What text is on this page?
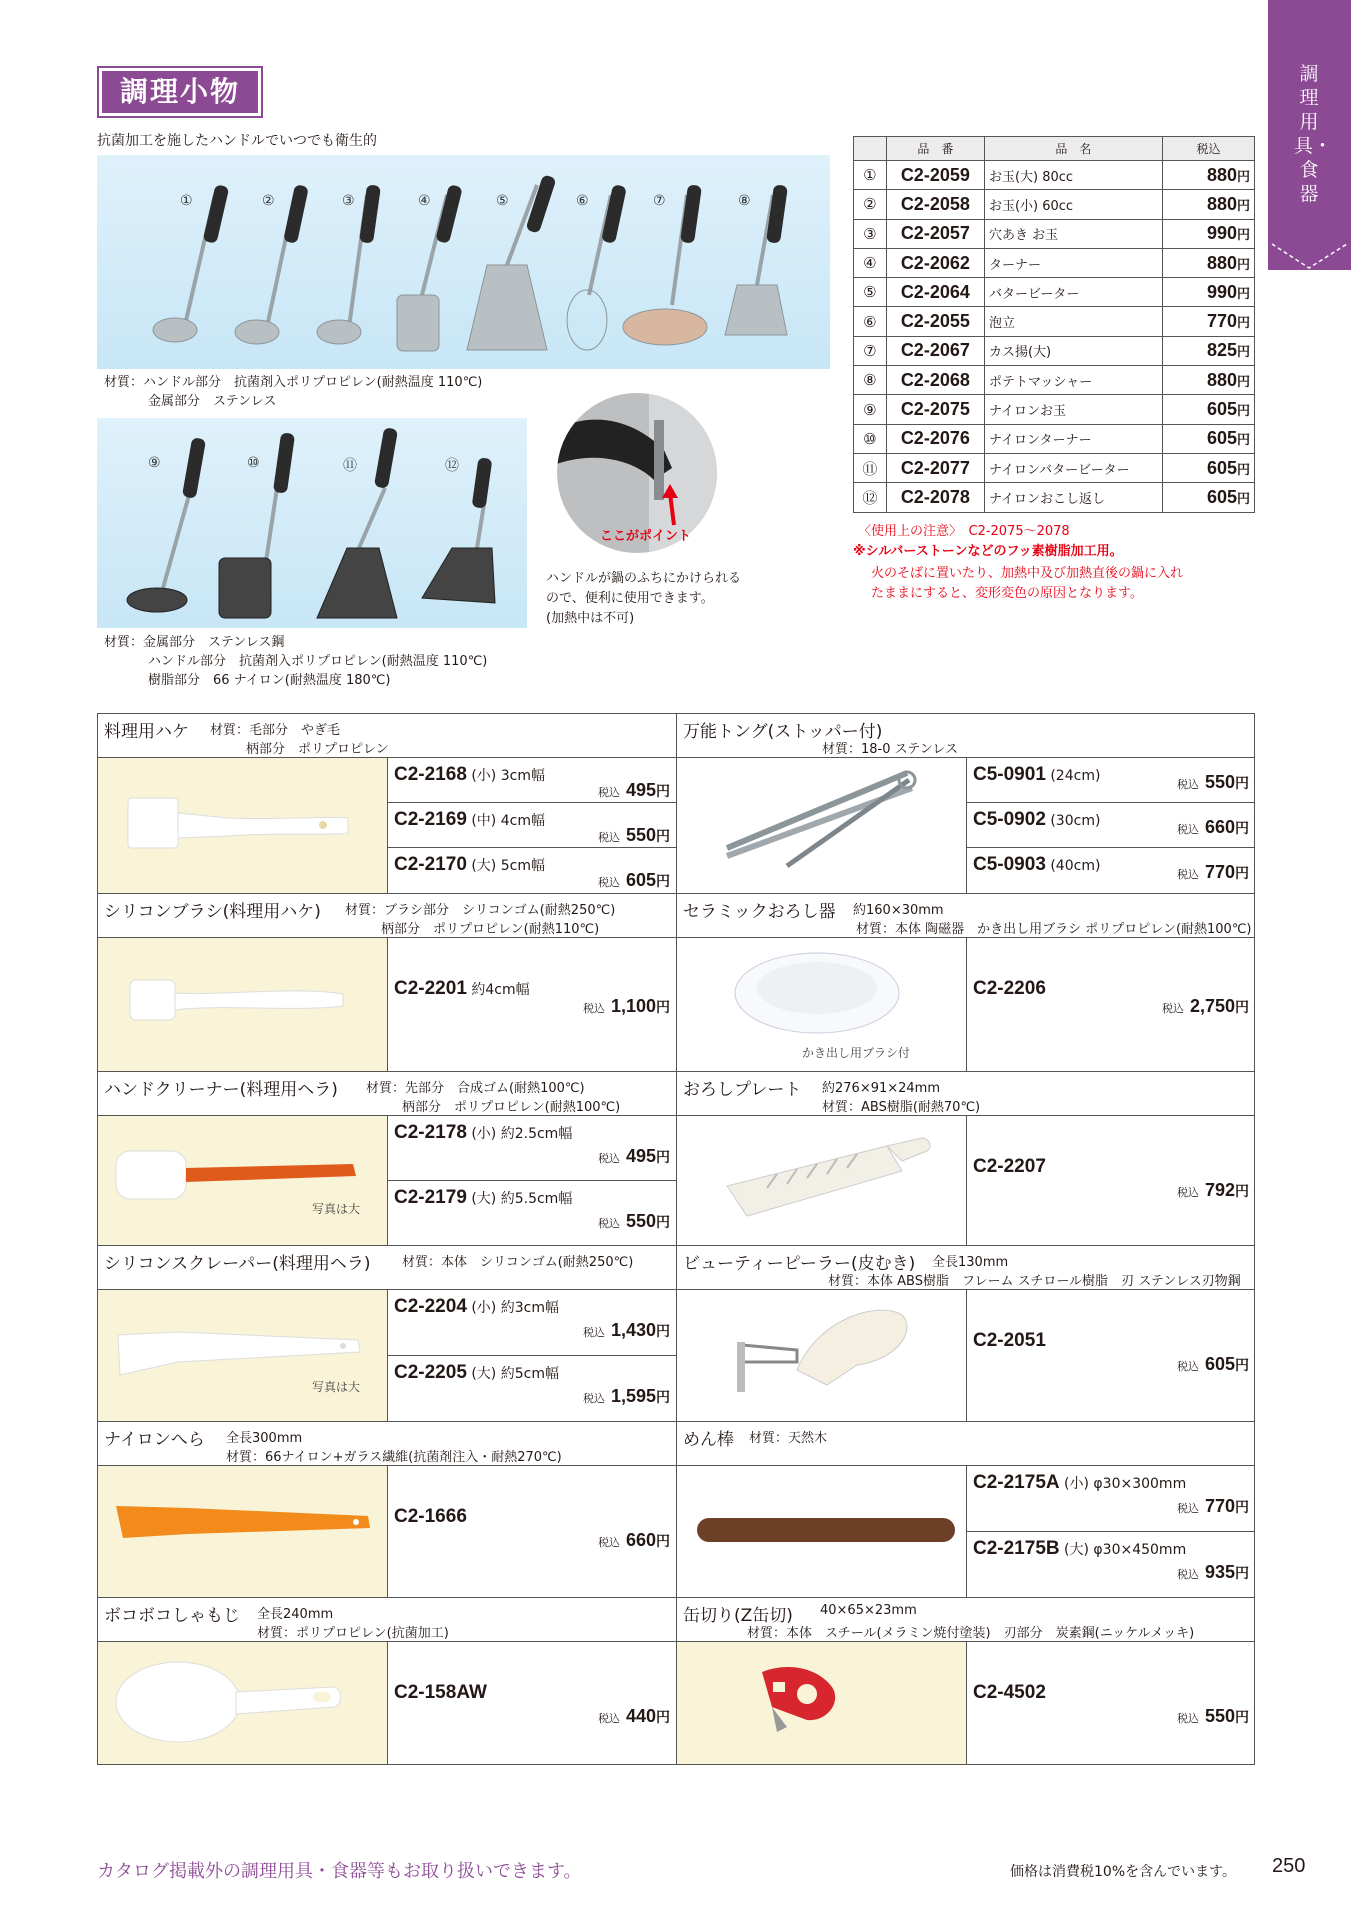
調理用具・食器
調理小物
抗菌加工を施したハンドルでいつでも衛生的
①	②	③	④	⑤	⑥	⑦	⑧
材質：ハンドル部分　抗菌剤入ポリプロピレン(耐熱温度 110℃)
金属部分　ステンレス
⑨	⑩	⑪	⑫
材質：金属部分　ステンレス鋼
ハンドル部分　抗菌剤入ポリプロピレン(耐熱温度 110℃)
樹脂部分　66 ナイロン(耐熱温度 180℃)
ここがポイント
ハンドルが鍋のふちにかけられる
ので、便利に使用できます。
(加熱中は不可)
	品　番	品　名	税込
①	C2-2059	お玉(大) 80cc	880円
②	C2-2058	お玉(小) 60cc	880円
③	C2-2057	穴あき お玉	990円
④	C2-2062	ターナー	880円
⑤	C2-2064	バタービーター	990円
⑥	C2-2055	泡立	770円
⑦	C2-2067	カス揚(大)	825円
⑧	C2-2068	ポテトマッシャー	880円
⑨	C2-2075	ナイロンお玉	605円
⑩	C2-2076	ナイロンターナー	605円
⑪	C2-2077	ナイロンバタービーター	605円
⑫	C2-2078	ナイロンおこし返し	605円
〈使用上の注意〉　C2-2075～2078
※シルバーストーンなどのフッ素樹脂加工用。
火のそばに置いたり、加熱中及び加熱直後の鍋に入れ
たままにすると、変形変色の原因となります。
料理用ハケ 材質：毛部分　やぎ毛
柄部分　ポリプロピレン
C2-2168 (小) 3cm幅
税込 495円
C2-2169 (中) 4cm幅
税込 550円
C2-2170 (大) 5cm幅
税込 605円
万能トング(ストッパー付)
材質：18-0 ステンレス
C5-0901 (24cm)
税込 550円
C5-0902 (30cm)
税込 660円
C5-0903 (40cm)
税込 770円
シリコンブラシ(料理用ハケ) 材質：ブラシ部分　シリコンゴム(耐熱250℃)
柄部分　ポリプロピレン(耐熱110℃)
C2-2201 約4cm幅
税込 1,100円
セラミックおろし器 約160×30mm
材質：本体 陶磁器　かき出し用ブラシ ポリプロピレン(耐熱100℃)
かき出し用ブラシ付
C2-2206
税込 2,750円
ハンドクリーナー(料理用ヘラ) 材質：先部分　合成ゴム(耐熱100℃)
柄部分　ポリプロピレン(耐熱100℃)
写真は大
C2-2178 (小) 約2.5cm幅
税込 495円
C2-2179 (大) 約5.5cm幅
税込 550円
おろしプレート 約276×91×24mm
材質：ABS樹脂(耐熱70℃)
C2-2207
税込 792円
シリコンスクレーパー(料理用ヘラ) 材質：本体　シリコンゴム(耐熱250℃)
写真は大
C2-2204 (小) 約3cm幅
税込 1,430円
C2-2205 (大) 約5cm幅
税込 1,595円
ビューティーピーラー(皮むき) 全長130mm
材質：本体 ABS樹脂　フレーム スチロール樹脂　刃 ステンレス刃物鋼
C2-2051
税込 605円
ナイロンへら 全長300mm
材質：66ナイロン+ガラス繊維(抗菌剤注入・耐熱270℃)
C2-1666
税込 660円
めん棒 材質：天然木
C2-2175A (小) φ30×300mm
税込 770円
C2-2175B (大) φ30×450mm
税込 935円
ボコボコしゃもじ 全長240mm
材質：ポリプロピレン(抗菌加工)
C2-158AW
税込 440円
缶切り(Z缶切) 40×65×23mm
材質：本体　スチール(メラミン焼付塗装)　刃部分　炭素鋼(ニッケルメッキ)
C2-4502
税込 550円
カタログ掲載外の調理用具・食器等もお取り扱いできます。	価格は消費税10%を含んでいます。 250
